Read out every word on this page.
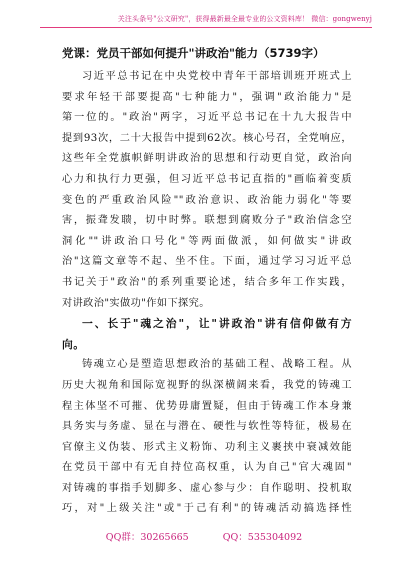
关注头条号"公文研究"，获得最新最全最专业的公文资料库！ 微信：gongwenyj
党课：党员干部如何提升"讲政治"能力（5739字）
习近平总书记在中央党校中青年干部培训班开班式上
要求年轻干部要提高"七种能力"，强调"政治能力"是
第一位的。"政治"两字，习近平总书记在十九大报告中
提到93次，二十大报告中提到62次。核心号召，全党响应，
这些年全党旗帜鲜明讲政治的思想和行动更自觉，政治向
心力和执行力更强，但习近平总书记直指的"画临着变质
变色的严重政治风险""政治意识、政治能力弱化"等要
害，振聋发聩，切中时弊。联想到腐败分子"政治信念空
洞化""讲政治口号化"等两面做派，如何做实"讲政
治"这篇文章等不起、坐不住。下面，通过学习习近平总
书记关于"政治"的系列重要论述，结合多年工作实践，
对讲政治"实做功"作如下探究。
一、长于"魂之治"，让"讲政治"讲有信仰做有方
向。
铸魂立心是塑造思想政治的基础工程、战略工程。从
历史大视角和国际宽视野的纵深横阔来看，我党的铸魂工
程主体坚不可摧、优势毋庸置疑，但由于铸魂工作本身兼
具务实与务虚、显在与潜在、硬性与软性等特征，极易在
官僚主义伪装、形式主义粉饰、功利主义裹挟中衰减效能
在党员干部中有无自持位高权重，认为自己"官大魂固"
对铸魂的事指手划脚多、虚心参与少：自作聪明、投机取
巧，对"上级关注"或"于己有利"的铸魂活动搞选择性
QQ群：30265665	QQ：535304092
